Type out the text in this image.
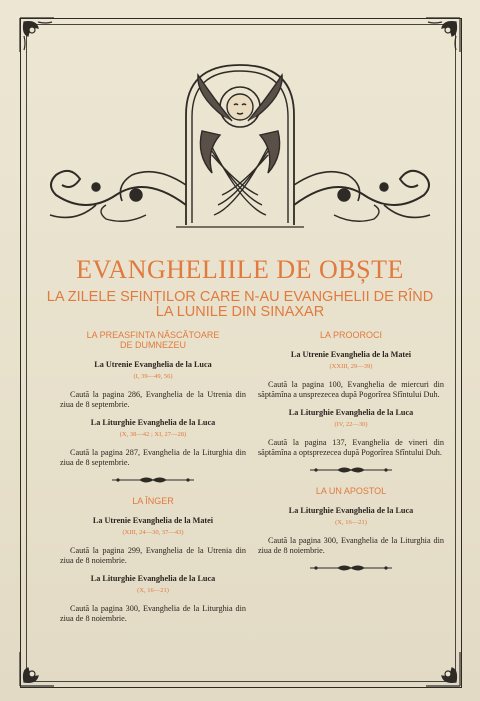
EVANGHELIILE DE OBȘTE
LA ZILELE SFINȚILOR CARE N-AU EVANGHELII DE RÎND
LA LUNILE DIN SINAXAR
LA PREASFINTA NĂSCĂTOARE
DE DUMNEZEU

La Utrenie Evanghelia de la Luca

(I, 39—49, 56)

Caută la pagina 286, Evanghelia de la Utrenia din ziua de 8 septembrie.

La Liturghie Evanghelia de la Luca

(X, 38—42 ; XI, 27—28)

Caută la pagina 287, Evanghelia de la Liturghia din ziua de 8 septembrie.

LA ÎNGER

La Utrenie Evanghelia de la Matei

(XIII, 24—30, 37—43)

Caută la pagina 299, Evanghelia de la Utrenia din ziua de 8 noiembrie.

La Liturghie Evanghelia de la Luca

(X, 16—21)

Caută la pagina 300, Evanghelia de la Liturghia din ziua de 8 noiembrie.

LA PROOROCI

La Utrenie Evanghelia de la Matei

(XXIII, 29—39)

Caută la pagina 100, Evanghelia de miercuri din săptămîna a unsprezecea după Pogorîrea Sfîntului Duh.

La Liturghie Evanghelia de la Luca

(IV, 22—30)

Caută la pagina 137, Evanghelia de vineri din săptămîna a optsprezecea după Pogorîrea Sfîntului Duh.

LA UN APOSTOL

La Liturghie Evanghelia de la Luca

(X, 16—21)

Caută la pagina 300, Evanghelia de la Liturghia din ziua de 8 noiembrie.
